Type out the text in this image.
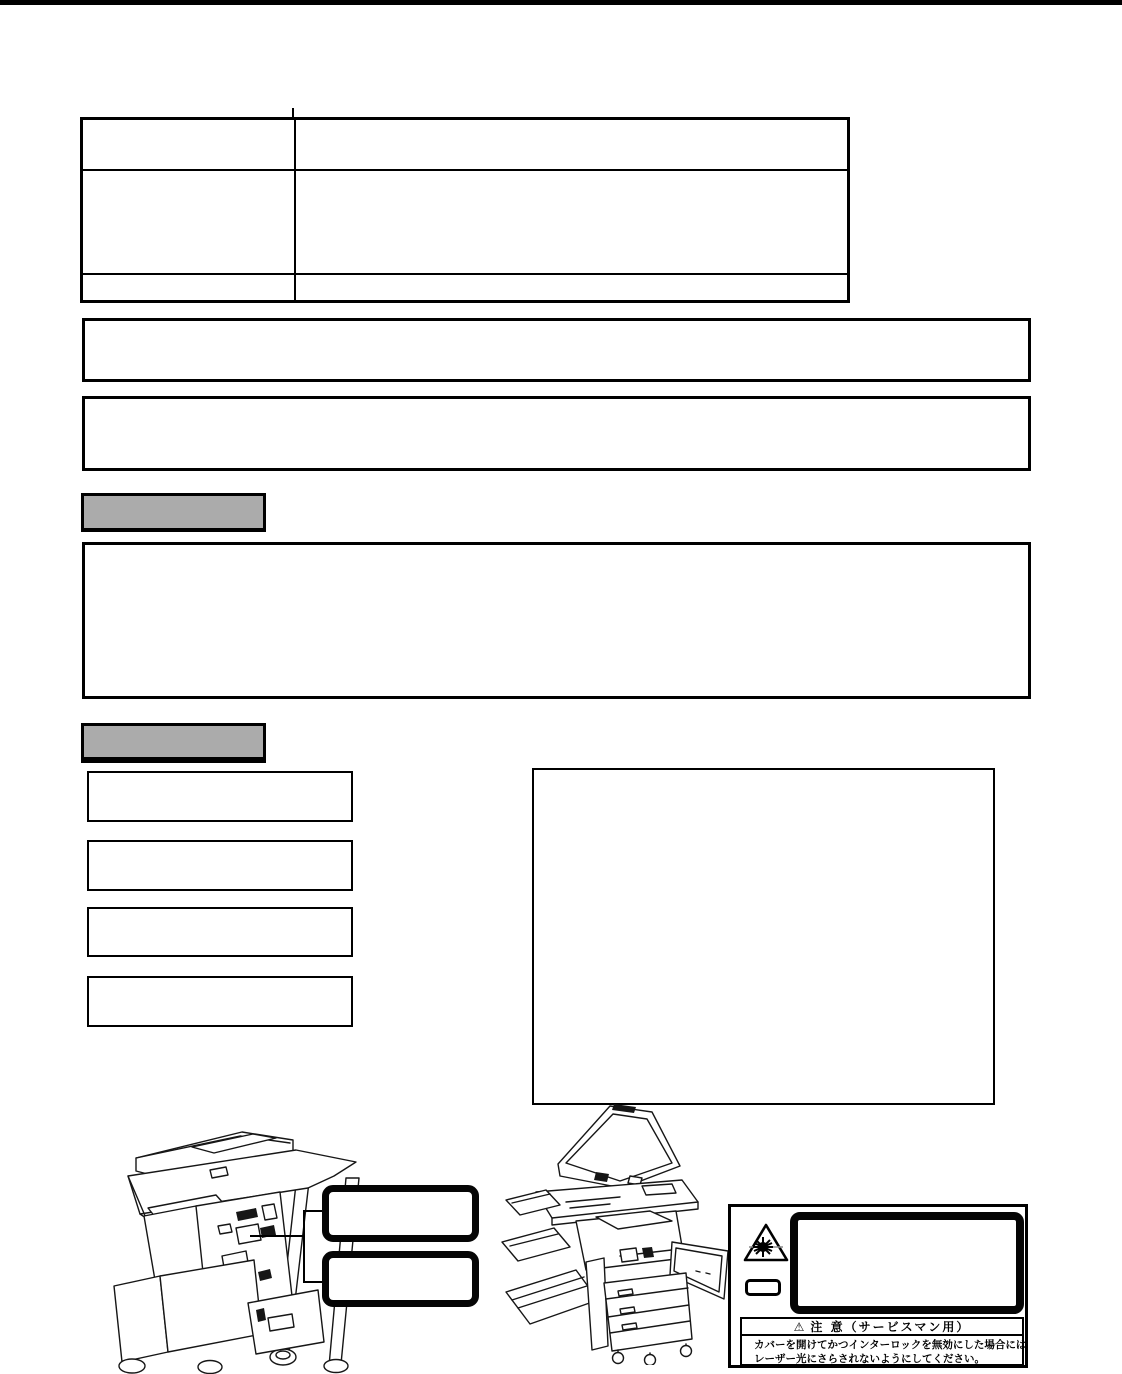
⚠ 注 意（サービスマン用）
カバーを開けてかつインターロックを無効にした場合には
レーザー光にさらされないようにしてください。
